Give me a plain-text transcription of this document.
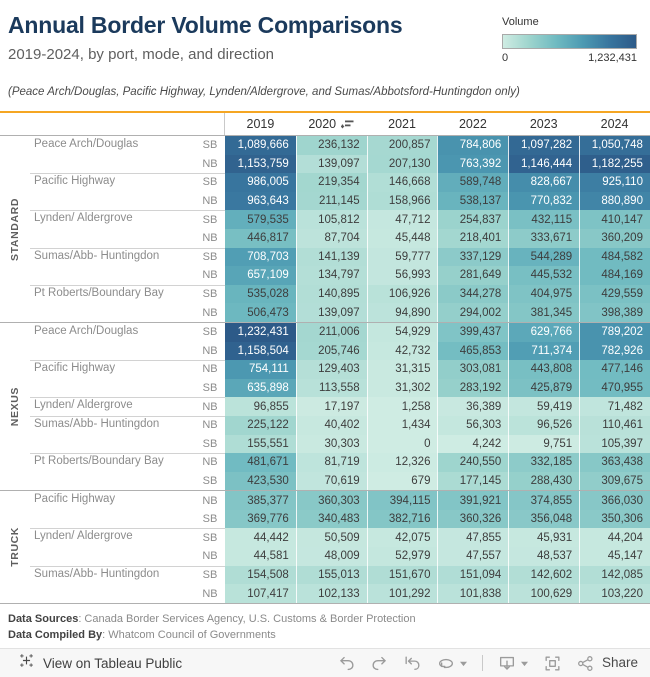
Annual Border Volume Comparisons
2019-2024, by port, mode, and direction
(Peace Arch/Douglas, Pacific Highway, Lynden/Aldergrove, and Sumas/Abbotsford-Huntingdon only)
Volume
0	1,232,431
2019	2020	2021	2022	2023	2024
STANDARD
Peace Arch/Douglas	SB	1,089,666	236,132	200,857	784,806	1,097,282	1,050,748
NB	1,153,759	139,097	207,130	763,392	1,146,444	1,182,255
Pacific Highway	SB	986,005	219,354	146,668	589,748	828,667	925,110
NB	963,643	211,145	158,966	538,137	770,832	880,890
Lynden/ Aldergrove	SB	579,535	105,812	47,712	254,837	432,115	410,147
NB	446,817	87,704	45,448	218,401	333,671	360,209
Sumas/Abb- Huntingdon	SB	708,703	141,139	59,777	337,129	544,289	484,582
NB	657,109	134,797	56,993	281,649	445,532	484,169
Pt Roberts/Boundary Bay	SB	535,028	140,895	106,926	344,278	404,975	429,559
NB	506,473	139,097	94,890	294,002	381,345	398,389
NEXUS
Peace Arch/Douglas	SB	1,232,431	211,006	54,929	399,437	629,766	789,202
NB	1,158,504	205,746	42,732	465,853	711,374	782,926
Pacific Highway	NB	754,111	129,403	31,315	303,081	443,808	477,146
SB	635,898	113,558	31,302	283,192	425,879	470,955
Lynden/ Aldergrove	NB	96,855	17,197	1,258	36,389	59,419	71,482
Sumas/Abb- Huntingdon	NB	225,122	40,402	1,434	56,303	96,526	110,461
SB	155,551	30,303	0	4,242	9,751	105,397
Pt Roberts/Boundary Bay	NB	481,671	81,719	12,326	240,550	332,185	363,438
SB	423,530	70,619	679	177,145	288,430	309,675
TRUCK
Pacific Highway	NB	385,377	360,303	394,115	391,921	374,855	366,030
SB	369,776	340,483	382,716	360,326	356,048	350,306
Lynden/ Aldergrove	SB	44,442	50,509	42,075	47,855	45,931	44,204
NB	44,581	48,009	52,979	47,557	48,537	45,147
Sumas/Abb- Huntingdon	SB	154,508	155,013	151,670	151,094	142,602	142,085
NB	107,417	102,133	101,292	101,838	100,629	103,220
Data Sources: Canada Border Services Agency, U.S. Customs & Border Protection
Data Compiled By: Whatcom Council of Governments
View on Tableau Public	Share
